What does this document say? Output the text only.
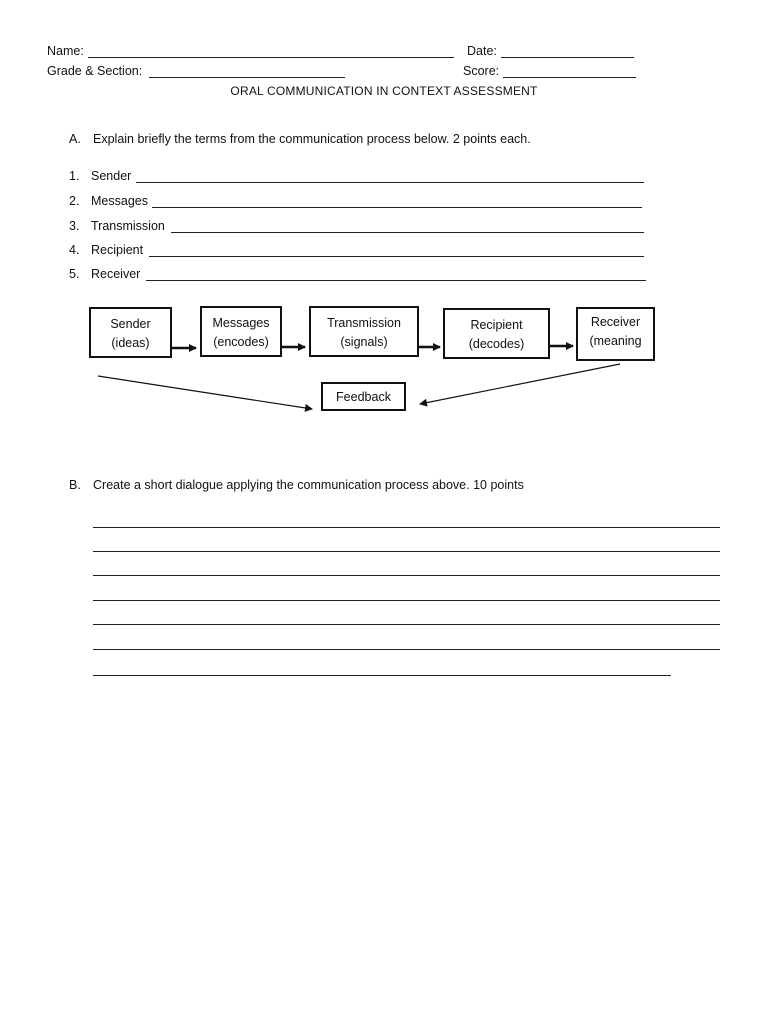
Name:	Date:
Grade & Section:	Score:
ORAL COMMUNICATION IN CONTEXT ASSESSMENT
A. Explain briefly the terms from the communication process below. 2 points each.
1. Sender
2. Messages
3. Transmission
4. Recipient
5. Receiver
Sender
(ideas)
Messages
(encodes)
Transmission
(signals)
Recipient
(decodes)
Receiver
(meaning
Feedback
B. Create a short dialogue applying the communication process above. 10 points
